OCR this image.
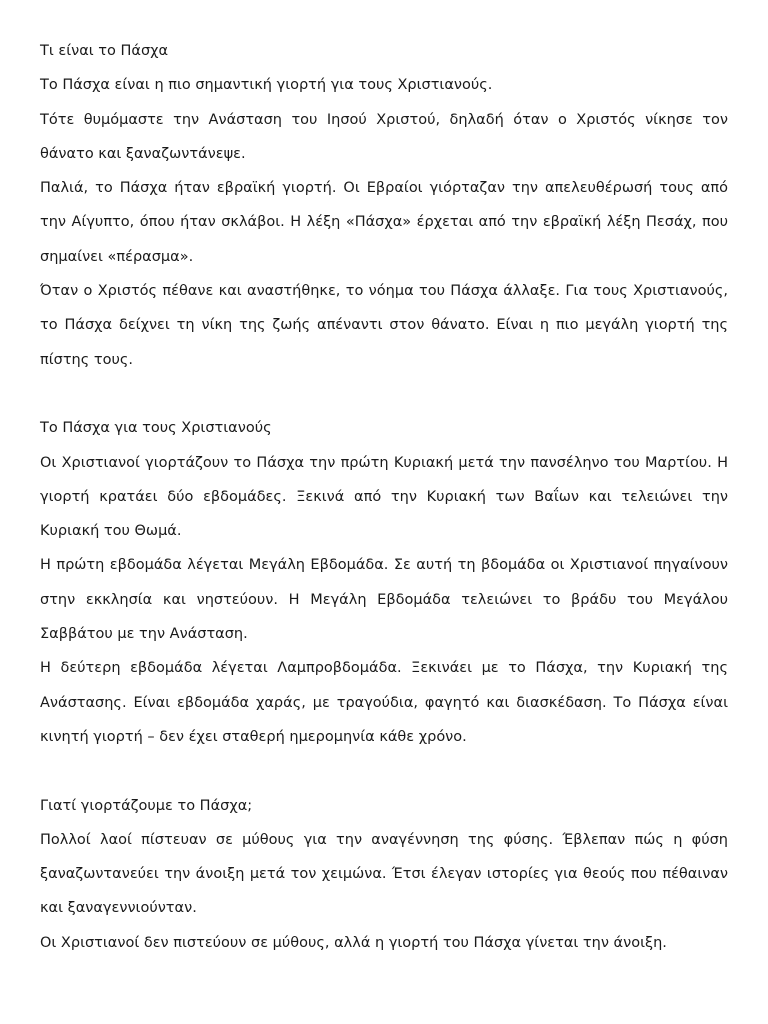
Τι είναι το Πάσχα

Το Πάσχα είναι η πιο σημαντική γιορτή για τους Χριστιανούς.

Τότε θυμόμαστε την Ανάσταση του Ιησού Χριστού, δηλαδή όταν ο Χριστός νίκησε τον θάνατο και ξαναζωντάνεψε.

Παλιά, το Πάσχα ήταν εβραϊκή γιορτή. Οι Εβραίοι γιόρταζαν την απελευθέρωσή τους από την Αίγυπτο, όπου ήταν σκλάβοι. Η λέξη «Πάσχα» έρχεται από την εβραϊκή λέξη Πεσάχ, που σημαίνει «πέρασμα».

Όταν ο Χριστός πέθανε και αναστήθηκε, το νόημα του Πάσχα άλλαξε. Για τους Χριστιανούς, το Πάσχα δείχνει τη νίκη της ζωής απέναντι στον θάνατο. Είναι η πιο μεγάλη γιορτή της πίστης τους.

Το Πάσχα για τους Χριστιανούς

Οι Χριστιανοί γιορτάζουν το Πάσχα την πρώτη Κυριακή μετά την πανσέληνο του Μαρτίου. Η γιορτή κρατάει δύο εβδομάδες. Ξεκινά από την Κυριακή των Βαΐων και τελειώνει την Κυριακή του Θωμά.

Η πρώτη εβδομάδα λέγεται Μεγάλη Εβδομάδα. Σε αυτή τη βδομάδα οι Χριστιανοί πηγαίνουν στην εκκλησία και νηστεύουν. Η Μεγάλη Εβδομάδα τελειώνει το βράδυ του Μεγάλου Σαββάτου με την Ανάσταση.

Η δεύτερη εβδομάδα λέγεται Λαμπροβδομάδα. Ξεκινάει με το Πάσχα, την Κυριακή της Ανάστασης. Είναι εβδομάδα χαράς, με τραγούδια, φαγητό και διασκέδαση. Το Πάσχα είναι κινητή γιορτή – δεν έχει σταθερή ημερομηνία κάθε χρόνο.

Γιατί γιορτάζουμε το Πάσχα;

Πολλοί λαοί πίστευαν σε μύθους για την αναγέννηση της φύσης. Έβλεπαν πώς η φύση ξαναζωντανεύει την άνοιξη μετά τον χειμώνα. Έτσι έλεγαν ιστορίες για θεούς που πέθαιναν και ξαναγεννιούνταν.

Οι Χριστιανοί δεν πιστεύουν σε μύθους, αλλά η γιορτή του Πάσχα γίνεται την άνοιξη.
